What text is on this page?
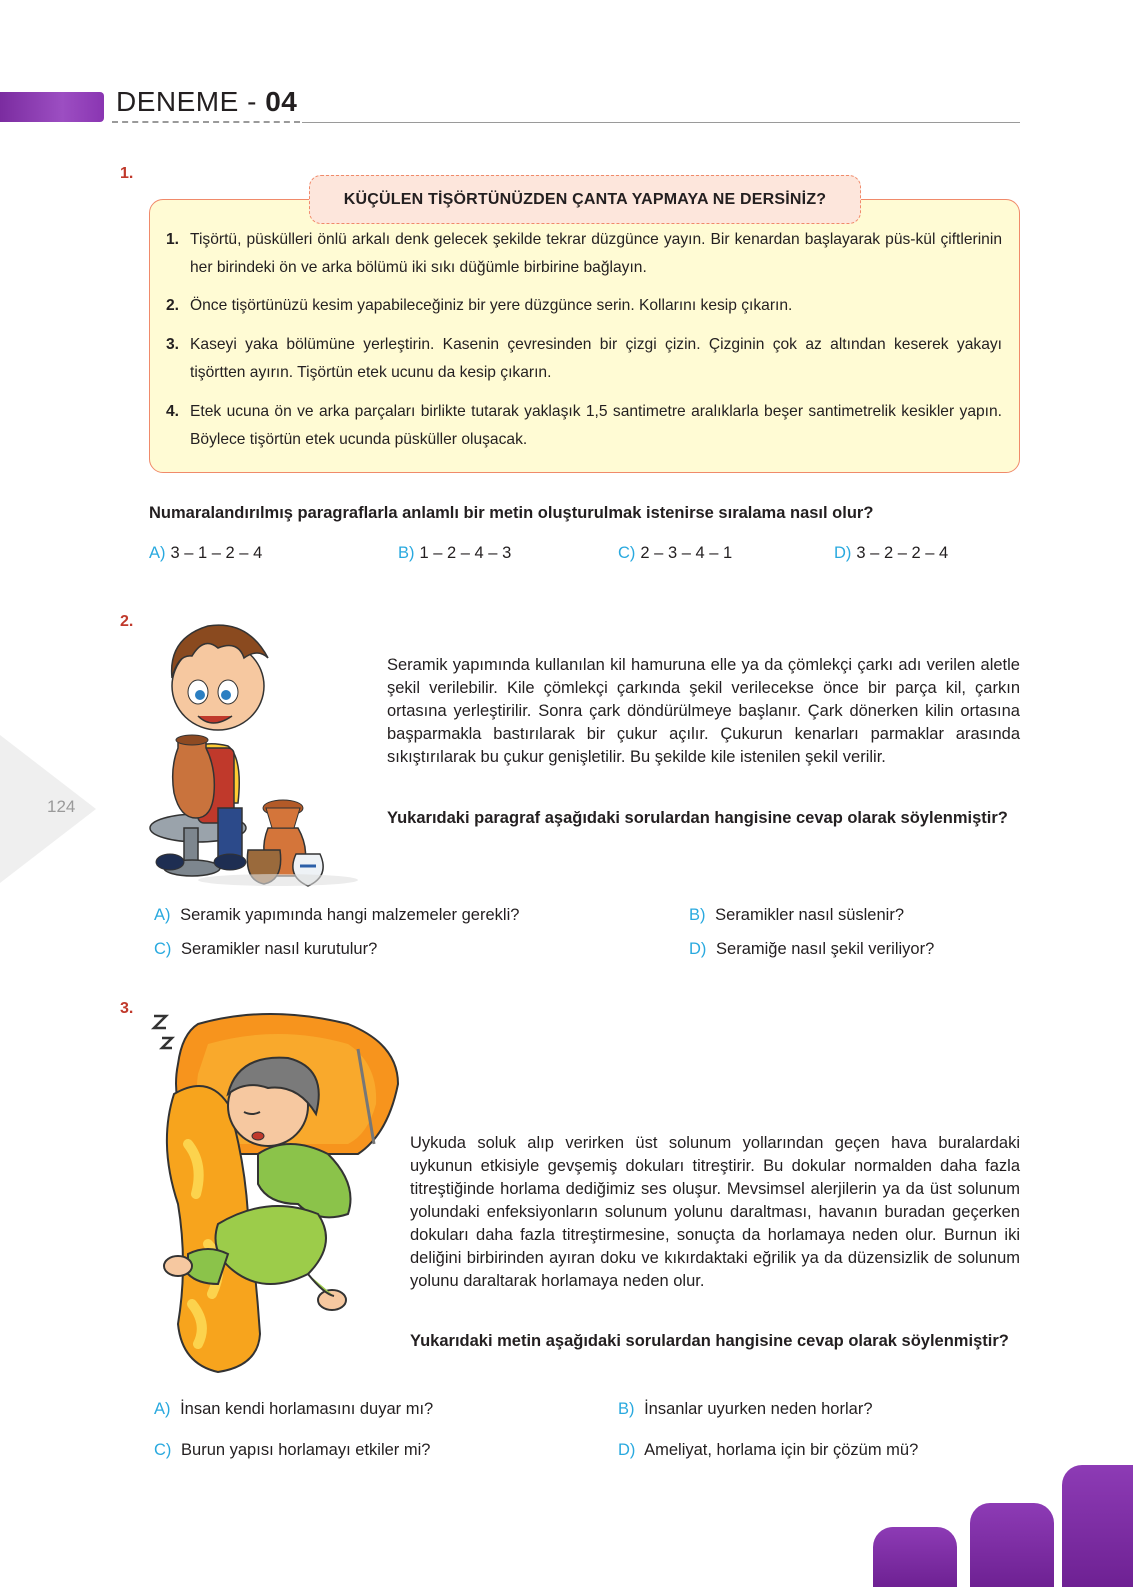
DENEME - 04
1.
KÜÇÜLEN TİŞÖRTÜNÜZDEN ÇANTA YAPMAYA NE DERSİNİZ?
1. Tişörtü, püskülleri önlü arkalı denk gelecek şekilde tekrar düzgünce yayın. Bir kenardan başlayarak püs-kül çiftlerinin her birindeki ön ve arka bölümü iki sıkı düğümle birbirine bağlayın.
2. Önce tişörtünüzü kesim yapabileceğiniz bir yere düzgünce serin. Kollarını kesip çıkarın.
3. Kaseyi yaka bölümüne yerleştirin. Kasenin çevresinden bir çizgi çizin. Çizginin çok az altından keserek yakayı tişörtten ayırın. Tişörtün etek ucunu da kesip çıkarın.
4. Etek ucuna ön ve arka parçaları birlikte tutarak yaklaşık 1,5 santimetre aralıklarla beşer santimetrelik kesikler yapın. Böylece tişörtün etek ucunda püsküller oluşacak.
Numaralandırılmış paragraflarla anlamlı bir metin oluşturulmak istenirse sıralama nasıl olur?
A) 3 – 1 – 2 – 4	B) 1 – 2 – 4 – 3	C) 2 – 3 – 4 – 1	D) 3 – 2 – 2 – 4
2.
Seramik yapımında kullanılan kil hamuruna elle ya da çömlekçi çarkı adı verilen aletle şekil verilebilir. Kile çömlekçi çarkında şekil verilecekse önce bir parça kil, çarkın ortasına yerleştirilir. Sonra çark döndürülmeye başlanır. Çark dönerken kilin ortasına başparmakla bastırılarak bir çukur açılır. Çukurun kenarları parmaklar arasında sıkıştırılarak bu çukur genişletilir. Bu şekilde kile istenilen şekil verilir.
Yukarıdaki paragraf aşağıdaki sorulardan hangisine cevap olarak söylenmiştir?
A) Seramik yapımında hangi malzemeler gerekli?	B) Seramikler nasıl süslenir?
C) Seramikler nasıl kurutulur?	D) Seramiğe nasıl şekil veriliyor?
124
3.
Uykuda soluk alıp verirken üst solunum yollarından geçen hava buralardaki uykunun etkisiyle gevşemiş dokuları titreştirir. Bu dokular normalden daha fazla titreştiğinde horlama dediğimiz ses oluşur. Mevsimsel alerjilerin ya da üst solunum yolundaki enfeksiyonların solunum yolunu daraltması, havanın buradan geçerken dokuları daha fazla titreştirmesine, sonuçta da horlamaya neden olur. Burnun iki deliğini birbirinden ayıran doku ve kıkırdaktaki eğrilik ya da düzensizlik de solunum yolunu daraltarak horlamaya neden olur.
Yukarıdaki metin aşağıdaki sorulardan hangisine cevap olarak söylenmiştir?
A) İnsan kendi horlamasını duyar mı?	B) İnsanlar uyurken neden horlar?
C) Burun yapısı horlamayı etkiler mi?	D) Ameliyat, horlama için bir çözüm mü?
